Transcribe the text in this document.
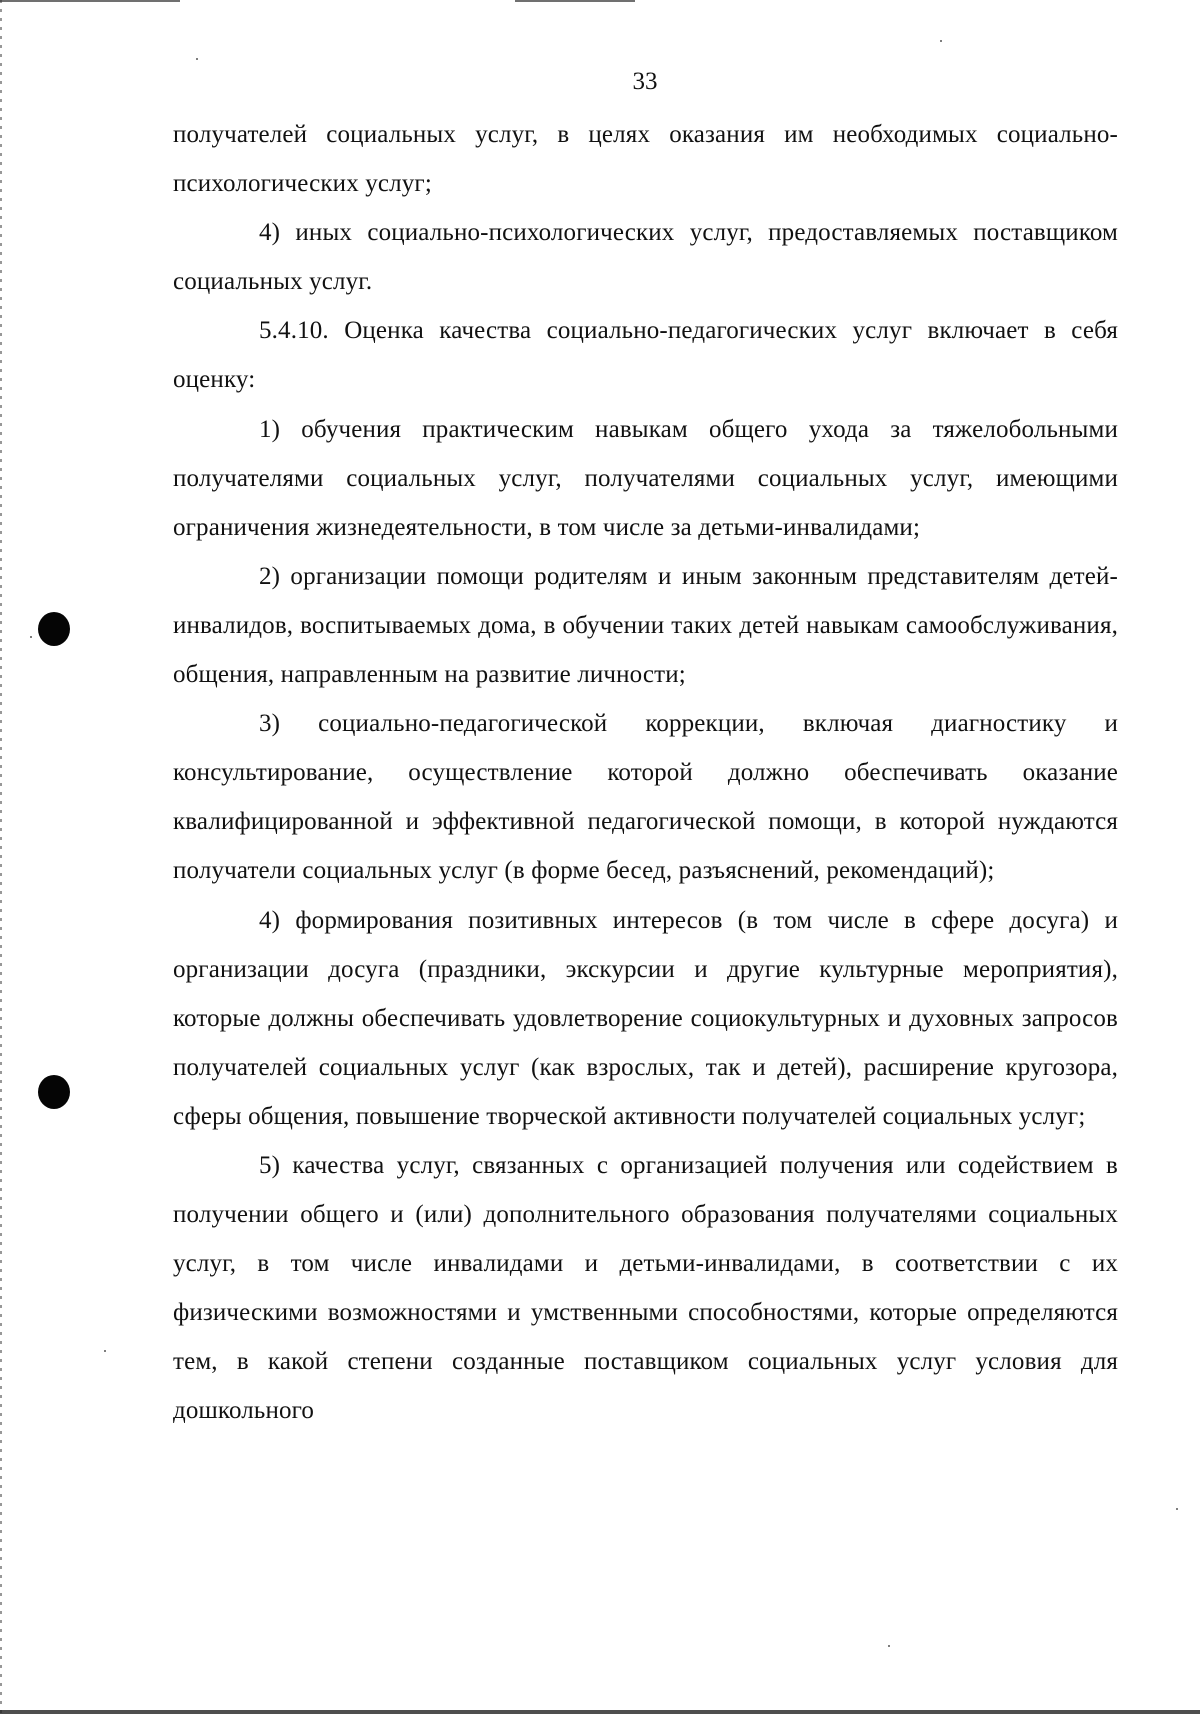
33

получателей социальных услуг, в целях оказания им необходимых социально-психологических услуг;

4) иных социально-психологических услуг, предоставляемых поставщиком социальных услуг.

5.4.10. Оценка качества социально-педагогических услуг включает в себя оценку:

1) обучения практическим навыкам общего ухода за тяжелобольными получателями социальных услуг, получателями социальных услуг, имеющими ограничения жизнедеятельности, в том числе за детьми-инвалидами;

2) организации помощи родителям и иным законным представителям детей-инвалидов, воспитываемых дома, в обучении таких детей навыкам самообслуживания, общения, направленным на развитие личности;

3) социально-педагогической коррекции, включая диагностику и консультирование, осуществление которой должно обеспечивать оказание квалифицированной и эффективной педагогической помощи, в которой нуждаются получатели социальных услуг (в форме бесед, разъяснений, рекомендаций);

4) формирования позитивных интересов (в том числе в сфере досуга) и организации досуга (праздники, экскурсии и другие культурные мероприятия), которые должны обеспечивать удовлетворение социокультурных и духовных запросов получателей социальных услуг (как взрослых, так и детей), расширение кругозора, сферы общения, повышение творческой активности получателей социальных услуг;

5) качества услуг, связанных с организацией получения или содействием в получении общего и (или) дополнительного образования получателями социальных услуг, в том числе инвалидами и детьми-инвалидами, в соответствии с их физическими возможностями и умственными способностями, которые определяются тем, в какой степени созданные поставщиком социальных услуг условия для дошкольного
